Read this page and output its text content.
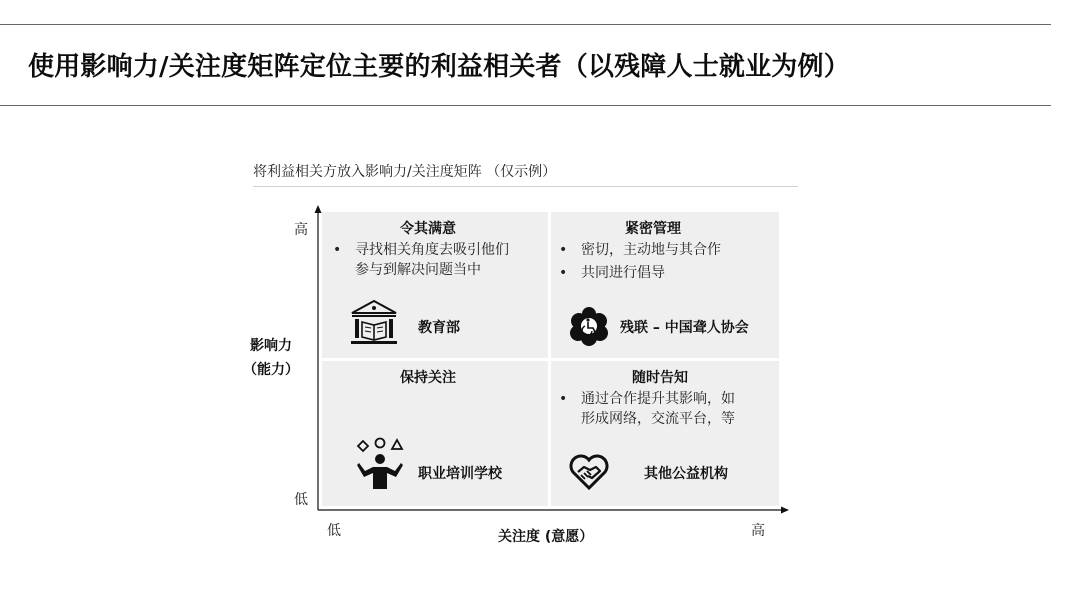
使用影响力/关注度矩阵定位主要的利益相关者（以残障人士就业为例）
将利益相关方放入影响力/关注度矩阵 （仅示例）
高
低
影响力
（能力）
低	关注度 (意愿）	高
令其满意
• 寻找相关角度去吸引他们
参与到解决问题当中
教育部
紧密管理
• 密切，主动地与其合作
• 共同进行倡导
残联 – 中国聋人协会
保持关注
职业培训学校
随时告知
• 通过合作提升其影响，如
形成网络，交流平台，等
其他公益机构
